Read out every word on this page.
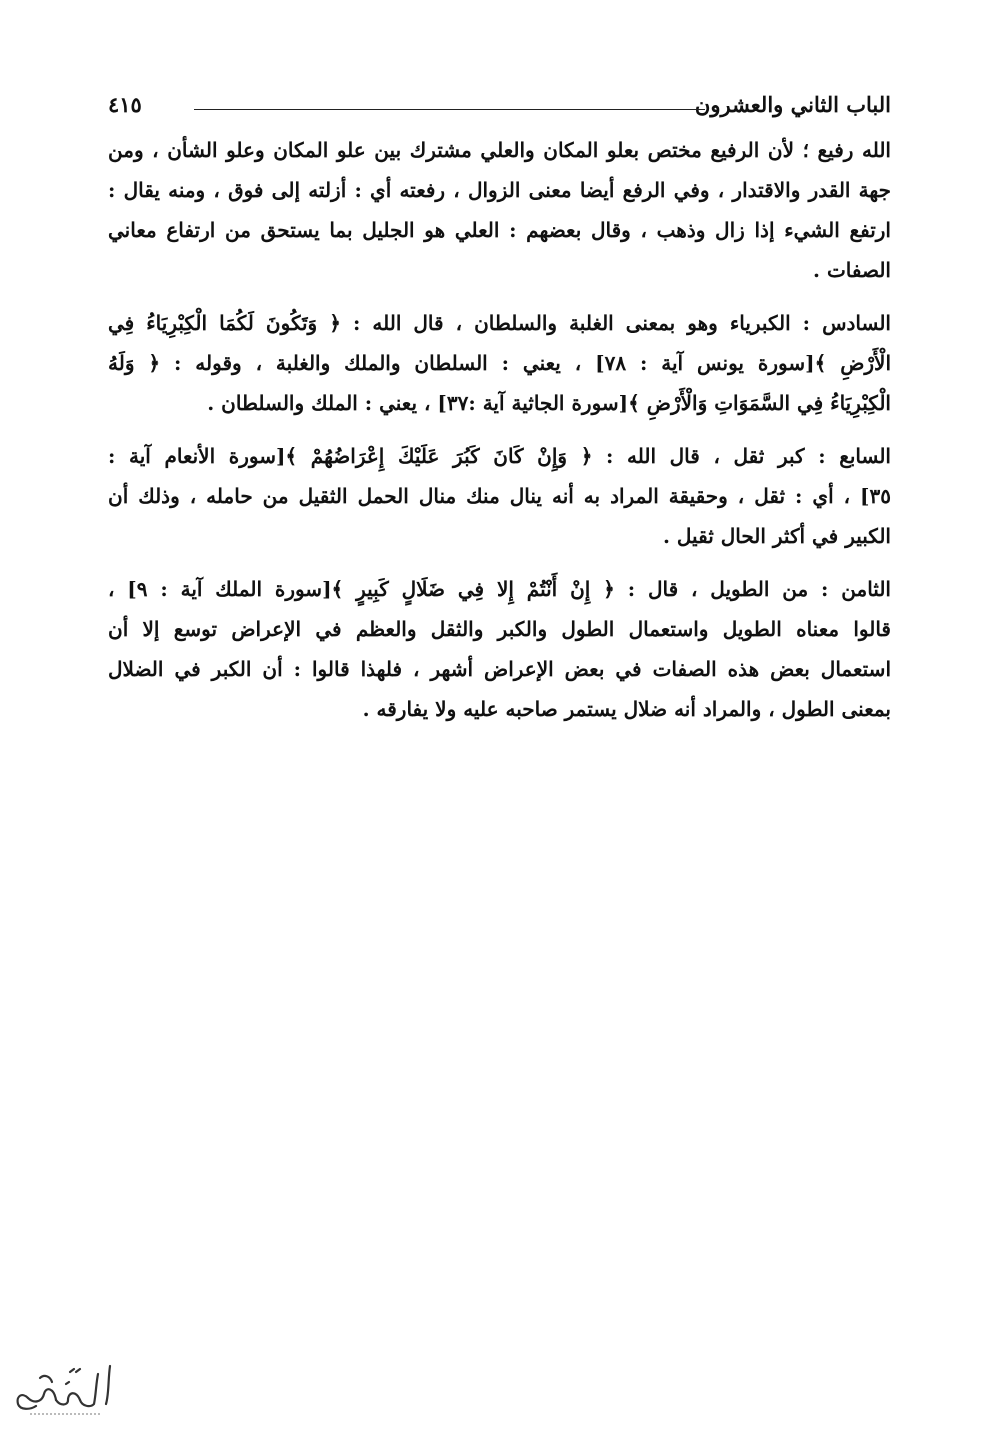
الباب الثاني والعشرون
٤١٥

الله رفيع ؛ لأن الرفيع مختص بعلو المكان والعلي مشترك بين علو المكان وعلو الشأن ، ومن
جهة القدر والاقتدار ، وفي الرفع أيضا معنى الزوال ، رفعته أي : أزلته إلى فوق ، ومنه يقال :
ارتفع الشيء إذا زال وذهب ، وقال بعضهم : العلي هو الجليل بما يستحق من ارتفاع معاني
الصفات .

السادس : الكبرياء وهو بمعنى الغلبة والسلطان ، قال الله : ﴿ وَتَكُونَ لَكُمَا الْكِبْرِيَاءُ فِي
الْأَرْضِ ﴾[سورة يونس آية : ٧٨] ، يعني : السلطان والملك والغلبة ، وقوله : ﴿ وَلَهُ
الْكِبْرِيَاءُ فِي السَّمَوَاتِ وَالْأَرْضِ ﴾[سورة الجاثية آية :٣٧] ، يعني : الملك والسلطان .

السابع : كبر ثقل ، قال الله : ﴿ وَإِنْ كَانَ كَبُرَ عَلَيْكَ إِعْرَاضُهُمْ ﴾[سورة الأنعام آية :
٣٥] ، أي : ثقل ، وحقيقة المراد به أنه ينال منك منال الحمل الثقيل من حامله ، وذلك أن
الكبير في أكثر الحال ثقيل .

الثامن : من الطويل ، قال : ﴿ إِنْ أَنْتُمْ إِلا فِي ضَلَالٍ كَبِيرٍ ﴾[سورة الملك آية : ٩] ،
قالوا معناه الطويل واستعمال الطول والكبر والثقل والعظم في الإعراض توسع إلا أن
استعمال بعض هذه الصفات في بعض الإعراض أشهر ، فلهذا قالوا : أن الكبر في الضلال
بمعنى الطول ، والمراد أنه ضلال يستمر صاحبه عليه ولا يفارقه .
